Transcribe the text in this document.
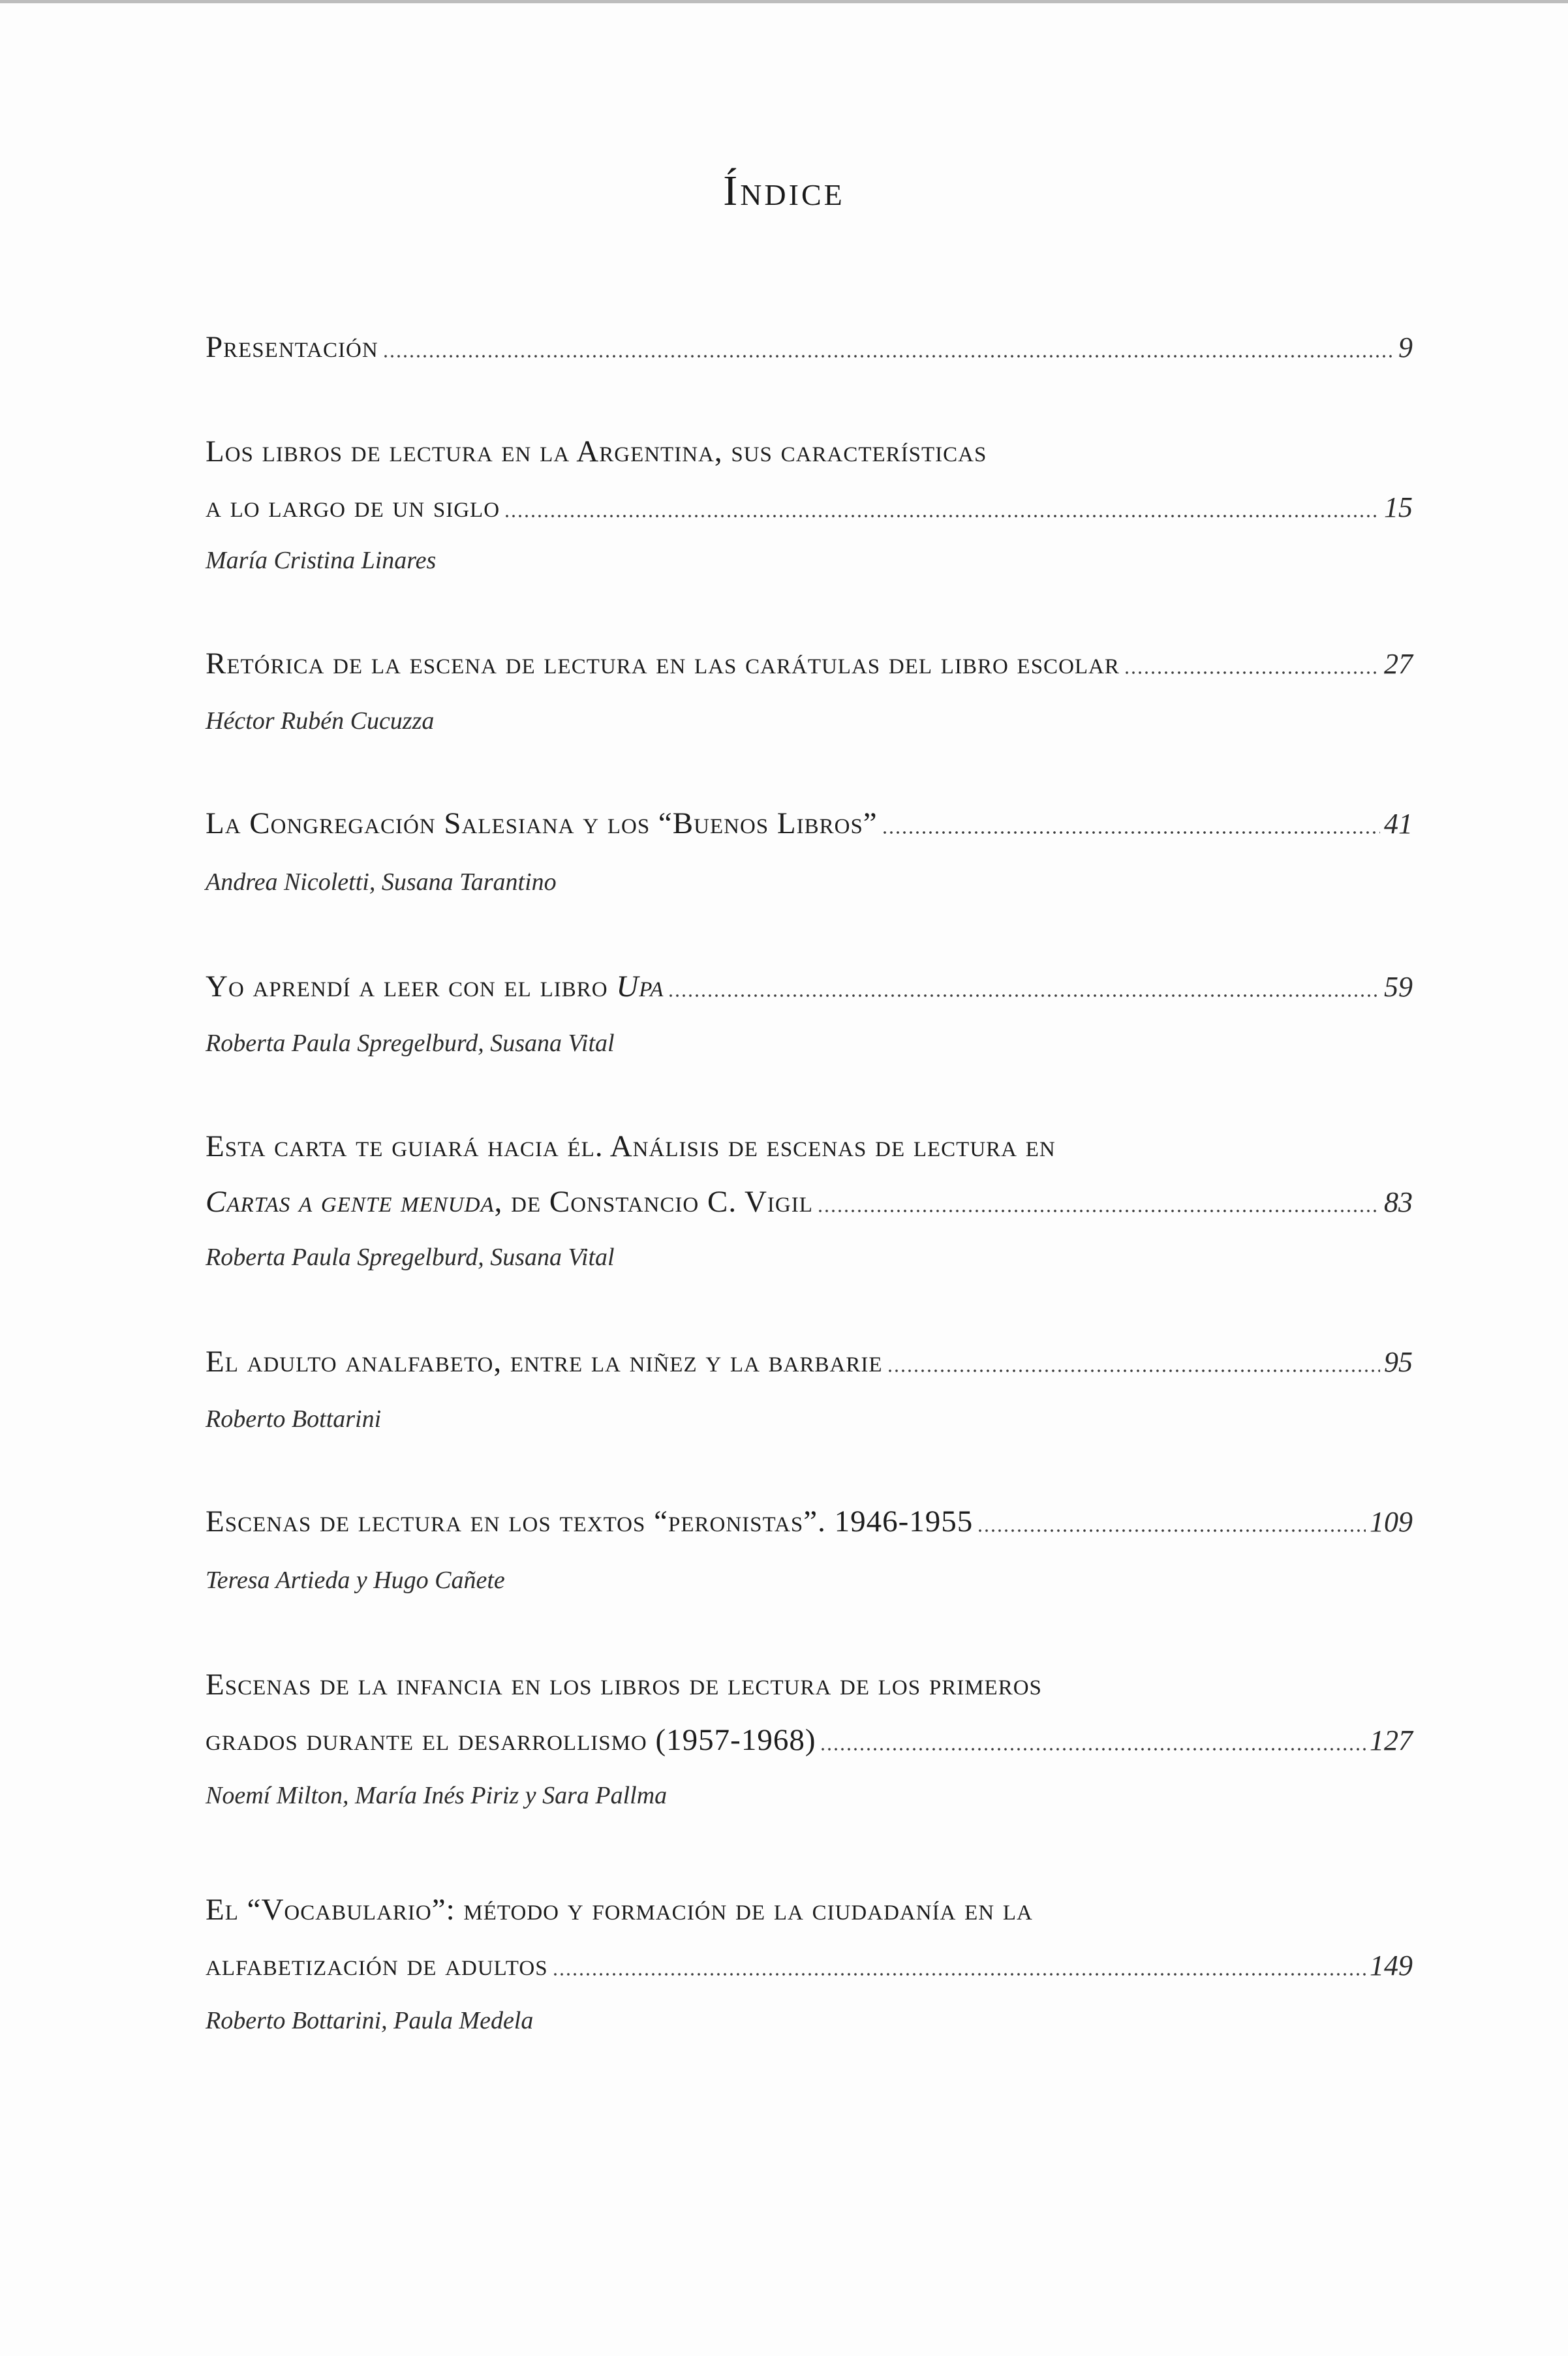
Índice
Presentación	9
Los libros de lectura en la Argentina, sus características
a lo largo de un siglo	15
María Cristina Linares
Retórica de la escena de lectura en las carátulas del libro escolar	27
Héctor Rubén Cucuzza
La Congregación Salesiana y los “Buenos Libros”	41
Andrea Nicoletti, Susana Tarantino
Yo aprendí a leer con el libro Upa	59
Roberta Paula Spregelburd, Susana Vital
Esta carta te guiará hacia él. Análisis de escenas de lectura en
Cartas a gente menuda, de Constancio C. Vigil	83
Roberta Paula Spregelburd, Susana Vital
El adulto analfabeto, entre la niñez y la barbarie	95
Roberto Bottarini
Escenas de lectura en los textos “peronistas”. 1946-1955	109
Teresa Artieda y Hugo Cañete
Escenas de la infancia en los libros de lectura de los primeros
grados durante el desarrollismo (1957-1968)	127
Noemí Milton, María Inés Piriz y Sara Pallma
El “Vocabulario”: método y formación de la ciudadanía en la
alfabetización de adultos	149
Roberto Bottarini, Paula Medela
